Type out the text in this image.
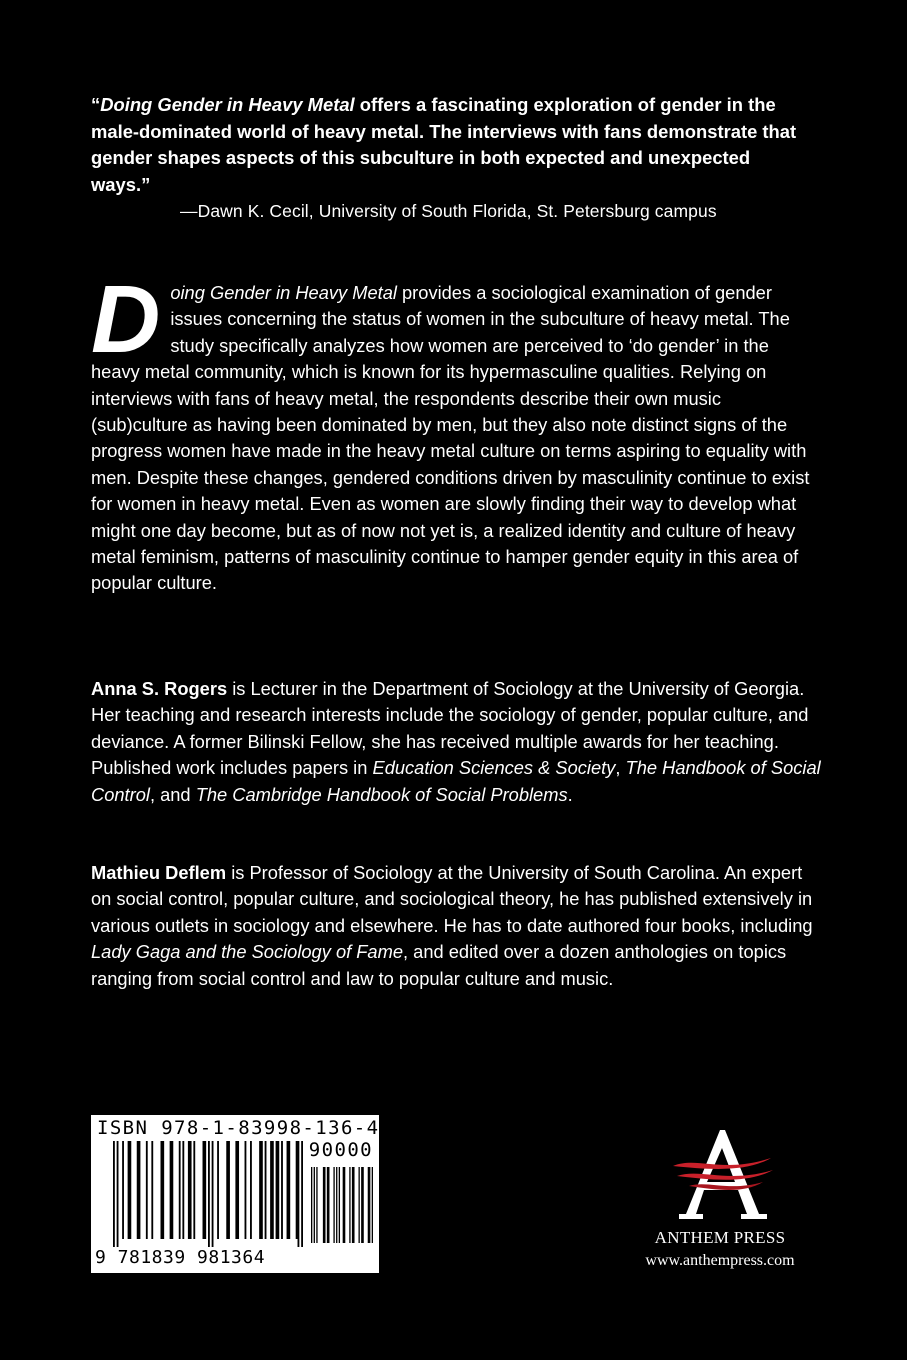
“Doing Gender in Heavy Metal offers a fascinating exploration of gender in the male-dominated world of heavy metal. The interviews with fans demonstrate that gender shapes aspects of this subculture in both expected and unexpected ways.”

—Dawn K. Cecil, University of South Florida, St. Petersburg campus

Doing Gender in Heavy Metal provides a sociological examination of gender issues concerning the status of women in the subculture of heavy metal. The study specifically analyzes how women are perceived to ‘do gender’ in the heavy metal community, which is known for its hypermasculine qualities. Relying on interviews with fans of heavy metal, the respondents describe their own music (sub)culture as having been dominated by men, but they also note distinct signs of the progress women have made in the heavy metal culture on terms aspiring to equality with men. Despite these changes, gendered conditions driven by masculinity continue to exist for women in heavy metal. Even as women are slowly finding their way to develop what might one day become, but as of now not yet is, a realized identity and culture of heavy metal feminism, patterns of masculinity continue to hamper gender equity in this area of popular culture.

Anna S. Rogers is Lecturer in the Department of Sociology at the University of Georgia. Her teaching and research interests include the sociology of gender, popular culture, and deviance. A former Bilinski Fellow, she has received multiple awards for her teaching. Published work includes papers in Education Sciences & Society, The Handbook of Social Control, and The Cambridge Handbook of Social Problems.

Mathieu Deflem is Professor of Sociology at the University of South Carolina. An expert on social control, popular culture, and sociological theory, he has published extensively in various outlets in sociology and elsewhere. He has to date authored four books, including Lady Gaga and the Sociology of Fame, and edited over a dozen anthologies on topics ranging from social control and law to popular culture and music.

ISBN 978-1-83998-136-4
90000
9 781839 981364
ANTHEM PRESS
www.anthempress.com
